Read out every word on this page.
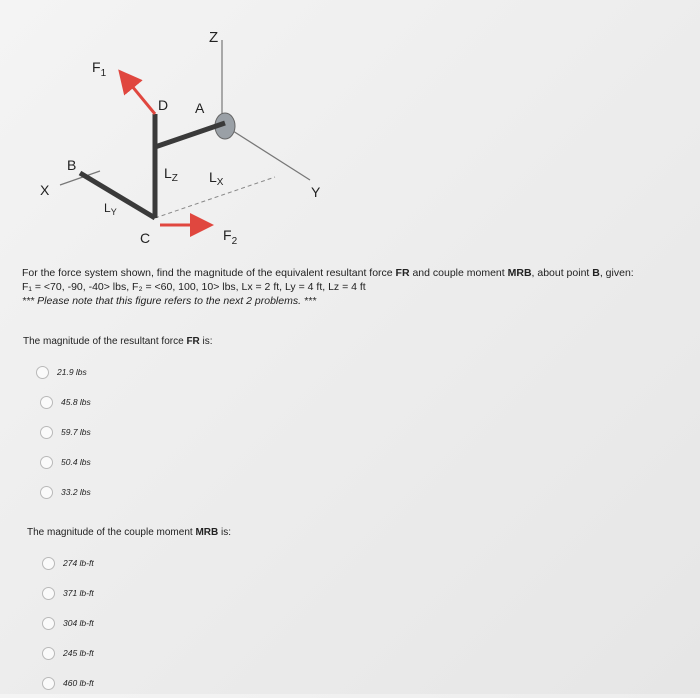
Z
$F_1$
D A
B	$L_Z$ $L_X$
X	Y
$L_Y$
C	$F_2$
For the force system shown, find the magnitude of the equivalent resultant force FR and couple moment MRB, about point B, given:
F₁ = <70, -90, -40> lbs, F₂ = <60, 100, 10> lbs, Lx = 2 ft, Ly = 4 ft, Lz = 4 ft
*** Please note that this figure refers to the next 2 problems. ***
The magnitude of the resultant force FR is:
21.9 lbs
45.8 lbs
59.7 lbs
50.4 lbs
33.2 lbs
The magnitude of the couple moment MRB is:
274 lb-ft
371 lb-ft
304 lb-ft
245 lb-ft
460 lb-ft
